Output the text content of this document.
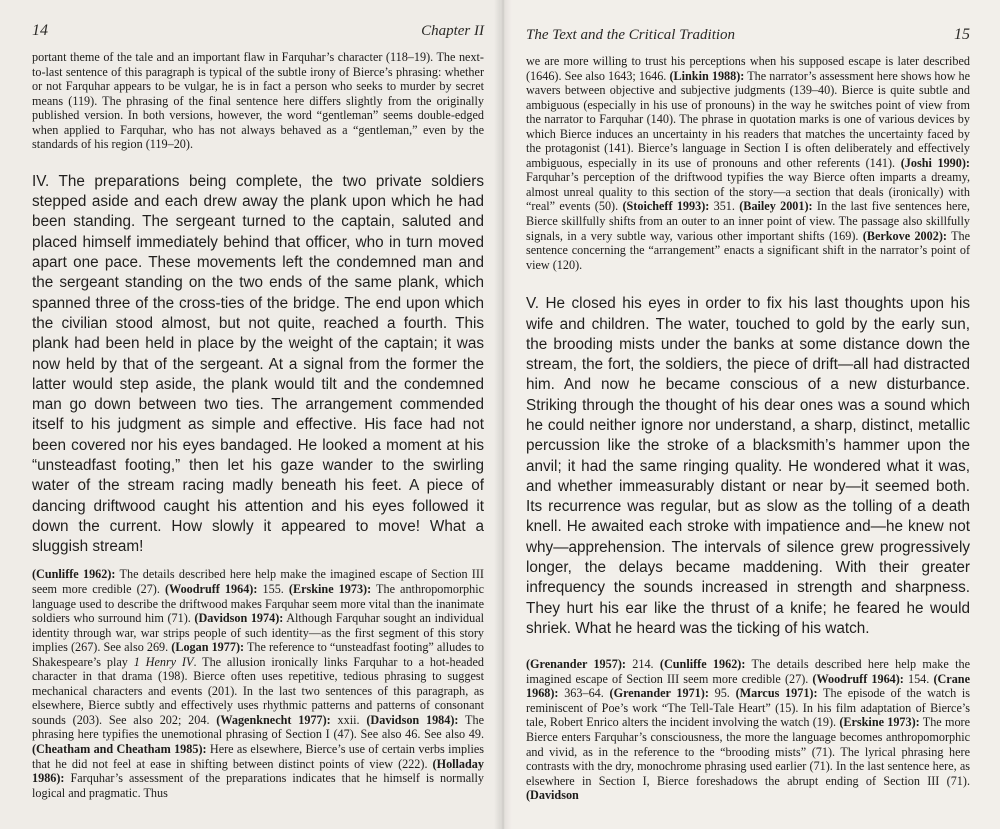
14	Chapter II

portant theme of the tale and an important flaw in Farquhar’s character (118–19). The next-to-last sentence of this paragraph is typical of the subtle irony of Bierce’s phrasing: whether or not Farquhar appears to be vulgar, he is in fact a person who seeks to murder by secret means (119). The phrasing of the final sentence here differs slightly from the originally published version. In both versions, however, the word “gentleman” seems double-edged when applied to Farquhar, who has not always behaved as a “gentleman,” even by the standards of his region (119–20).

IV. The preparations being complete, the two private soldiers stepped aside and each drew away the plank upon which he had been standing. The sergeant turned to the captain, saluted and placed himself immediately behind that officer, who in turn moved apart one pace. These movements left the condemned man and the sergeant standing on the two ends of the same plank, which spanned three of the cross-ties of the bridge. The end upon which the civilian stood almost, but not quite, reached a fourth. This plank had been held in place by the weight of the captain; it was now held by that of the sergeant. At a signal from the former the latter would step aside, the plank would tilt and the condemned man go down between two ties. The arrangement commended itself to his judgment as simple and effective. His face had not been covered nor his eyes bandaged. He looked a moment at his “unsteadfast footing,” then let his gaze wander to the swirling water of the stream racing madly beneath his feet. A piece of dancing driftwood caught his attention and his eyes followed it down the current. How slowly it appeared to move! What a sluggish stream!

(Cunliffe 1962): The details described here help make the imagined escape of Section III seem more credible (27). (Woodruff 1964): 155. (Erskine 1973): The anthropomorphic language used to describe the driftwood makes Farquhar seem more vital than the inanimate soldiers who surround him (71). (Davidson 1974): Although Farquhar sought an individual identity through war, war strips people of such identity—as the first segment of this story implies (267). See also 269. (Logan 1977): The reference to “unsteadfast footing” alludes to Shakespeare’s play 1 Henry IV. The allusion ironically links Farquhar to a hot-headed character in that drama (198). Bierce often uses repetitive, tedious phrasing to suggest mechanical characters and events (201). In the last two sentences of this paragraph, as elsewhere, Bierce subtly and effectively uses rhythmic patterns and patterns of consonant sounds (203). See also 202; 204. (Wagenknecht 1977): xxii. (Davidson 1984): The phrasing here typifies the unemotional phrasing of Section I (47). See also 46. See also 49. (Cheatham and Cheatham 1985): Here as elsewhere, Bierce’s use of certain verbs implies that he did not feel at ease in shifting between distinct points of view (222). (Holladay 1986): Farquhar’s assessment of the preparations indicates that he himself is normally logical and pragmatic. Thus

The Text and the Critical Tradition	15

we are more willing to trust his perceptions when his supposed escape is later described (1646). See also 1643; 1646. (Linkin 1988): The narrator’s assessment here shows how he wavers between objective and subjective judgments (139–40). Bierce is quite subtle and ambiguous (especially in his use of pronouns) in the way he switches point of view from the narrator to Farquhar (140). The phrase in quotation marks is one of various devices by which Bierce induces an uncertainty in his readers that matches the uncertainty faced by the protagonist (141). Bierce’s language in Section I is often deliberately and effectively ambiguous, especially in its use of pronouns and other referents (141). (Joshi 1990): Farquhar’s perception of the driftwood typifies the way Bierce often imparts a dreamy, almost unreal quality to this section of the story—a section that deals (ironically) with “real” events (50). (Stoicheff 1993): 351. (Bailey 2001): In the last five sentences here, Bierce skillfully shifts from an outer to an inner point of view. The passage also skillfully signals, in a very subtle way, various other important shifts (169). (Berkove 2002): The sentence concerning the “arrangement” enacts a significant shift in the narrator’s point of view (120).

V. He closed his eyes in order to fix his last thoughts upon his wife and children. The water, touched to gold by the early sun, the brooding mists under the banks at some distance down the stream, the fort, the soldiers, the piece of drift—all had distracted him. And now he became conscious of a new disturbance. Striking through the thought of his dear ones was a sound which he could neither ignore nor understand, a sharp, distinct, metallic percussion like the stroke of a blacksmith’s hammer upon the anvil; it had the same ringing quality. He wondered what it was, and whether immeasurably distant or near by—it seemed both. Its recurrence was regular, but as slow as the tolling of a death knell. He awaited each stroke with impatience and—he knew not why—apprehension. The intervals of silence grew progressively longer, the delays became maddening. With their greater infrequency the sounds increased in strength and sharpness. They hurt his ear like the thrust of a knife; he feared he would shriek. What he heard was the ticking of his watch.

(Grenander 1957): 214. (Cunliffe 1962): The details described here help make the imagined escape of Section III seem more credible (27). (Woodruff 1964): 154. (Crane 1968): 363–64. (Grenander 1971): 95. (Marcus 1971): The episode of the watch is reminiscent of Poe’s work “The Tell-Tale Heart” (15). In his film adaptation of Bierce’s tale, Robert Enrico alters the incident involving the watch (19). (Erskine 1973): The more Bierce enters Farquhar’s consciousness, the more the language becomes anthropomorphic and vivid, as in the reference to the “brooding mists” (71). The lyrical phrasing here contrasts with the dry, monochrome phrasing used earlier (71). In the last sentence here, as elsewhere in Section I, Bierce foreshadows the abrupt ending of Section III (71). (Davidson
